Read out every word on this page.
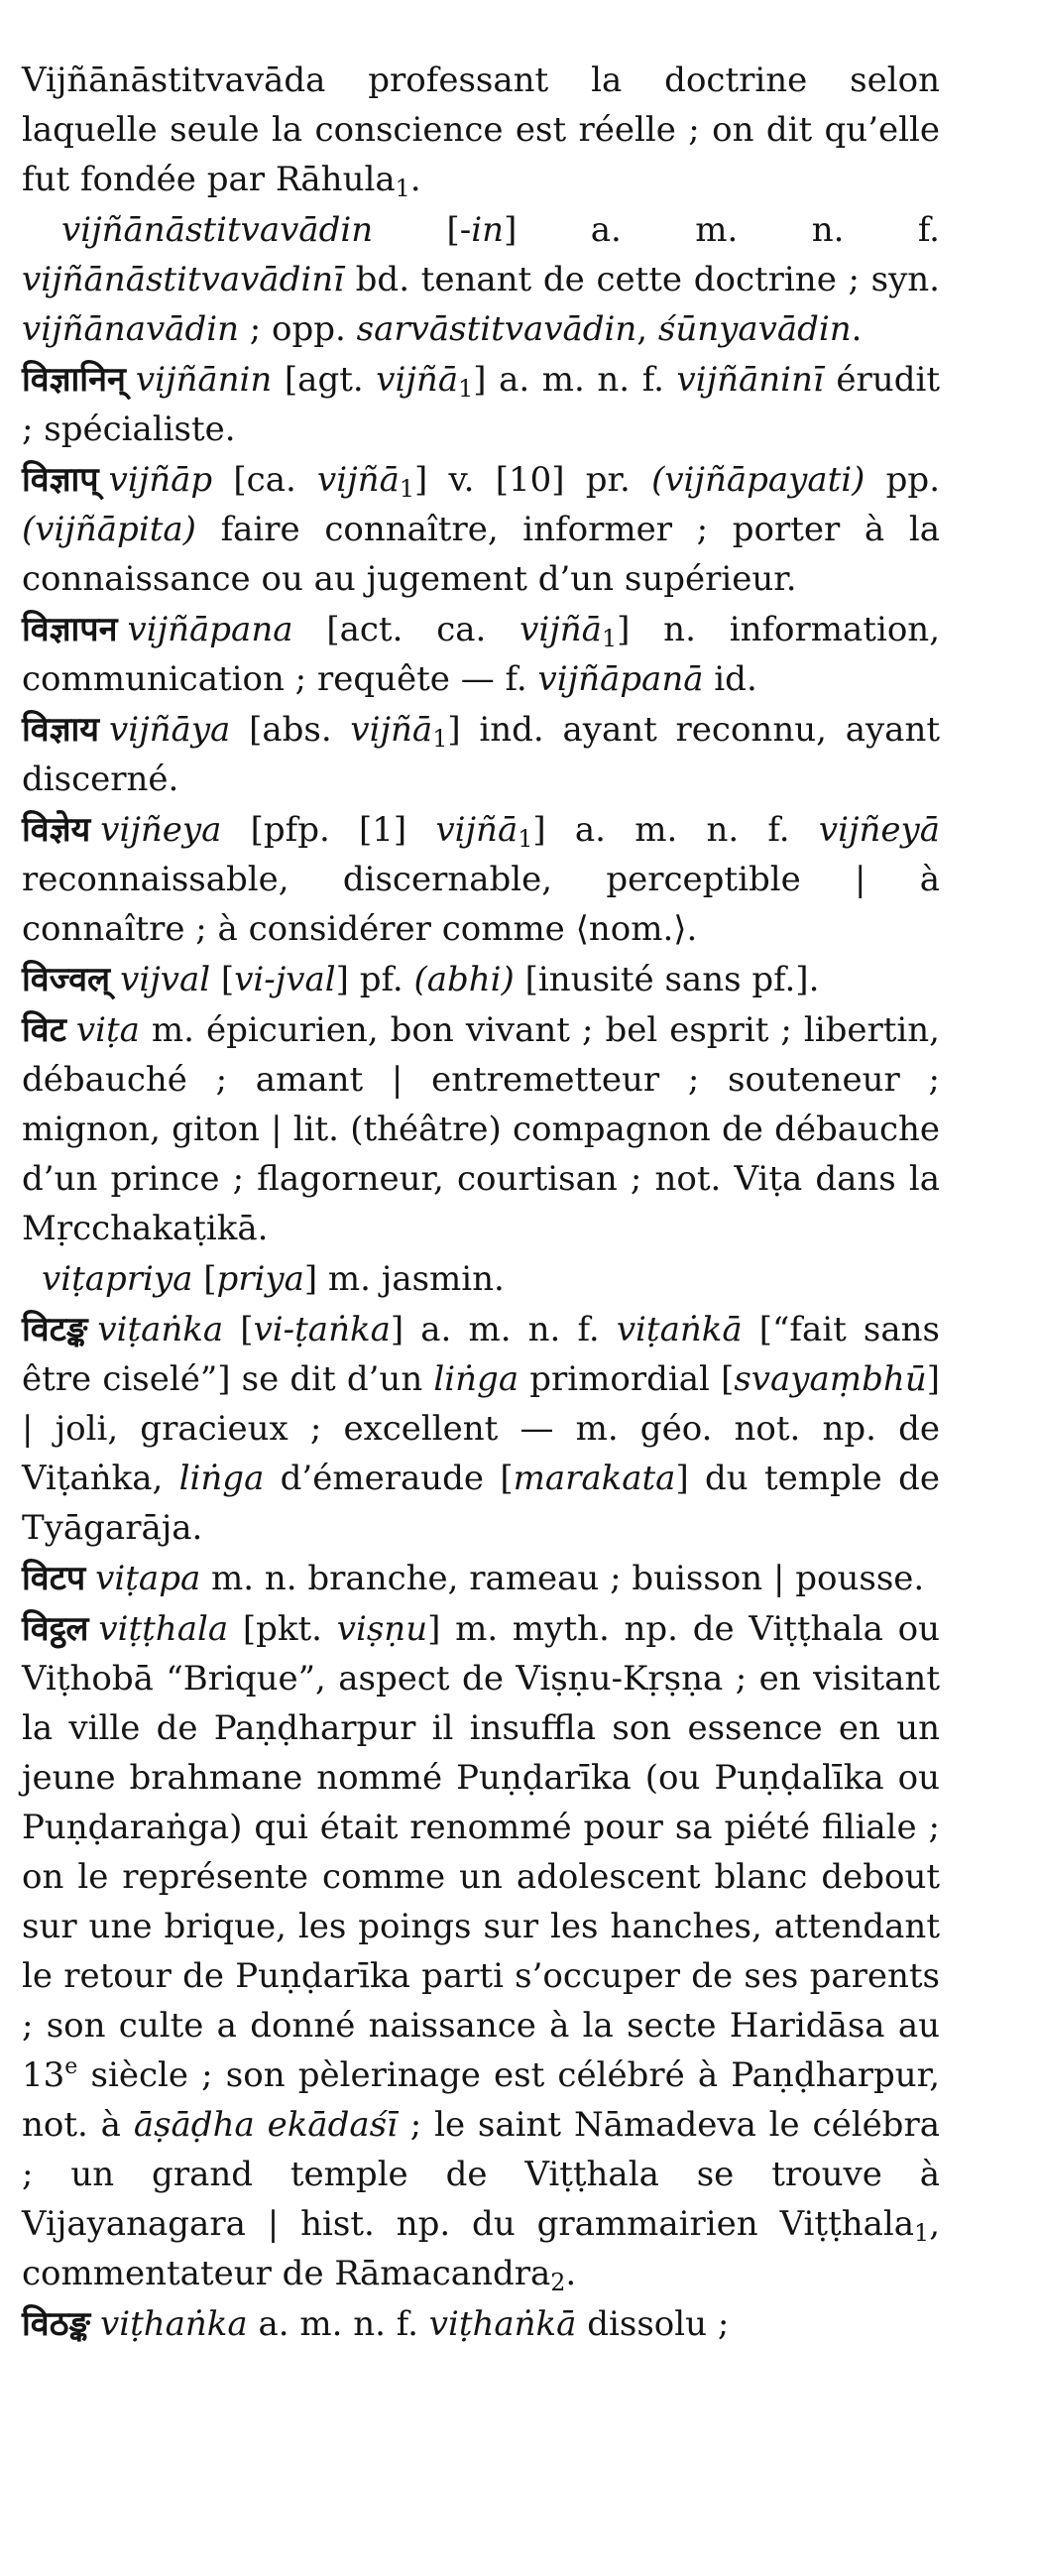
Vijñānāstitvavāda professant la doctrine selon laquelle seule la conscience est réelle ; on dit qu’elle fut fondée par Rāhula$_1$.

vijñānāstitvavādin [-in] a. m. n. f. vijñānāstitvavādinī bd. tenant de cette doctrine ; syn. vijñānavādin ; opp. sarvāstitvavādin, śūnyavādin.

विज्ञानिन् vijñānin [agt. vijñā$_1$] a. m. n. f. vijñāninī érudit ; spécialiste.

विज्ञाप् vijñāp [ca. vijñā$_1$] v. [10] pr. (vijñāpayati) pp. (vijñāpita) faire connaître, informer ; porter à la connaissance ou au jugement d’un supérieur.

विज्ञापन vijñāpana [act. ca. vijñā$_1$] n. information, communication ; requête — f. vijñāpanā id.

विज्ञाय vijñāya [abs. vijñā$_1$] ind. ayant reconnu, ayant discerné.

विज्ञेय vijñeya [pfp. [1] vijñā$_1$] a. m. n. f. vijñeyā reconnaissable, discernable, perceptible | à connaître ; à considérer comme ⟨nom.⟩.

विज्वल् vijval [vi-jval] pf. (abhi) [inusité sans pf.].

विट viṭa m. épicurien, bon vivant ; bel esprit ; libertin, débauché ; amant | entremetteur ; souteneur ; mignon, giton | lit. (théâtre) compagnon de débauche d’un prince ; flagorneur, courtisan ; not. Viṭa dans la Mṛcchakaṭikā.

viṭapriya [priya] m. jasmin.

विटङ्क viṭaṅka [vi-ṭaṅka] a. m. n. f. viṭaṅkā [“fait sans être ciselé”] se dit d’un liṅga primordial [svayaṃbhū] | joli, gracieux ; excellent — m. géo. not. np. de Viṭaṅka, liṅga d’émeraude [marakata] du temple de Tyāgarāja.

विटप viṭapa m. n. branche, rameau ; buisson | pousse.

विट्ठल viṭṭhala [pkt. viṣṇu] m. myth. np. de Viṭṭhala ou Viṭhobā “Brique”, aspect de Viṣṇu-Kṛṣṇa ; en visitant la ville de Paṇḍharpur il insuffla son essence en un jeune brahmane nommé Puṇḍarīka (ou Puṇḍalīka ou Puṇḍaraṅga) qui était renommé pour sa piété filiale ; on le représente comme un adolescent blanc debout sur une brique, les poings sur les hanches, attendant le retour de Puṇḍarīka parti s’occuper de ses parents ; son culte a donné naissance à la secte Haridāsa au 13e siècle ; son pèlerinage est célébré à Paṇḍharpur, not. à āṣāḍha ekādaśī ; le saint Nāmadeva le célébra ; un grand temple de Viṭṭhala se trouve à Vijayanagara | hist. np. du grammairien Viṭṭhala$_1$, commentateur de Rāmacandra$_2$.

विठङ्क viṭhaṅka a. m. n. f. viṭhaṅkā dissolu ;
